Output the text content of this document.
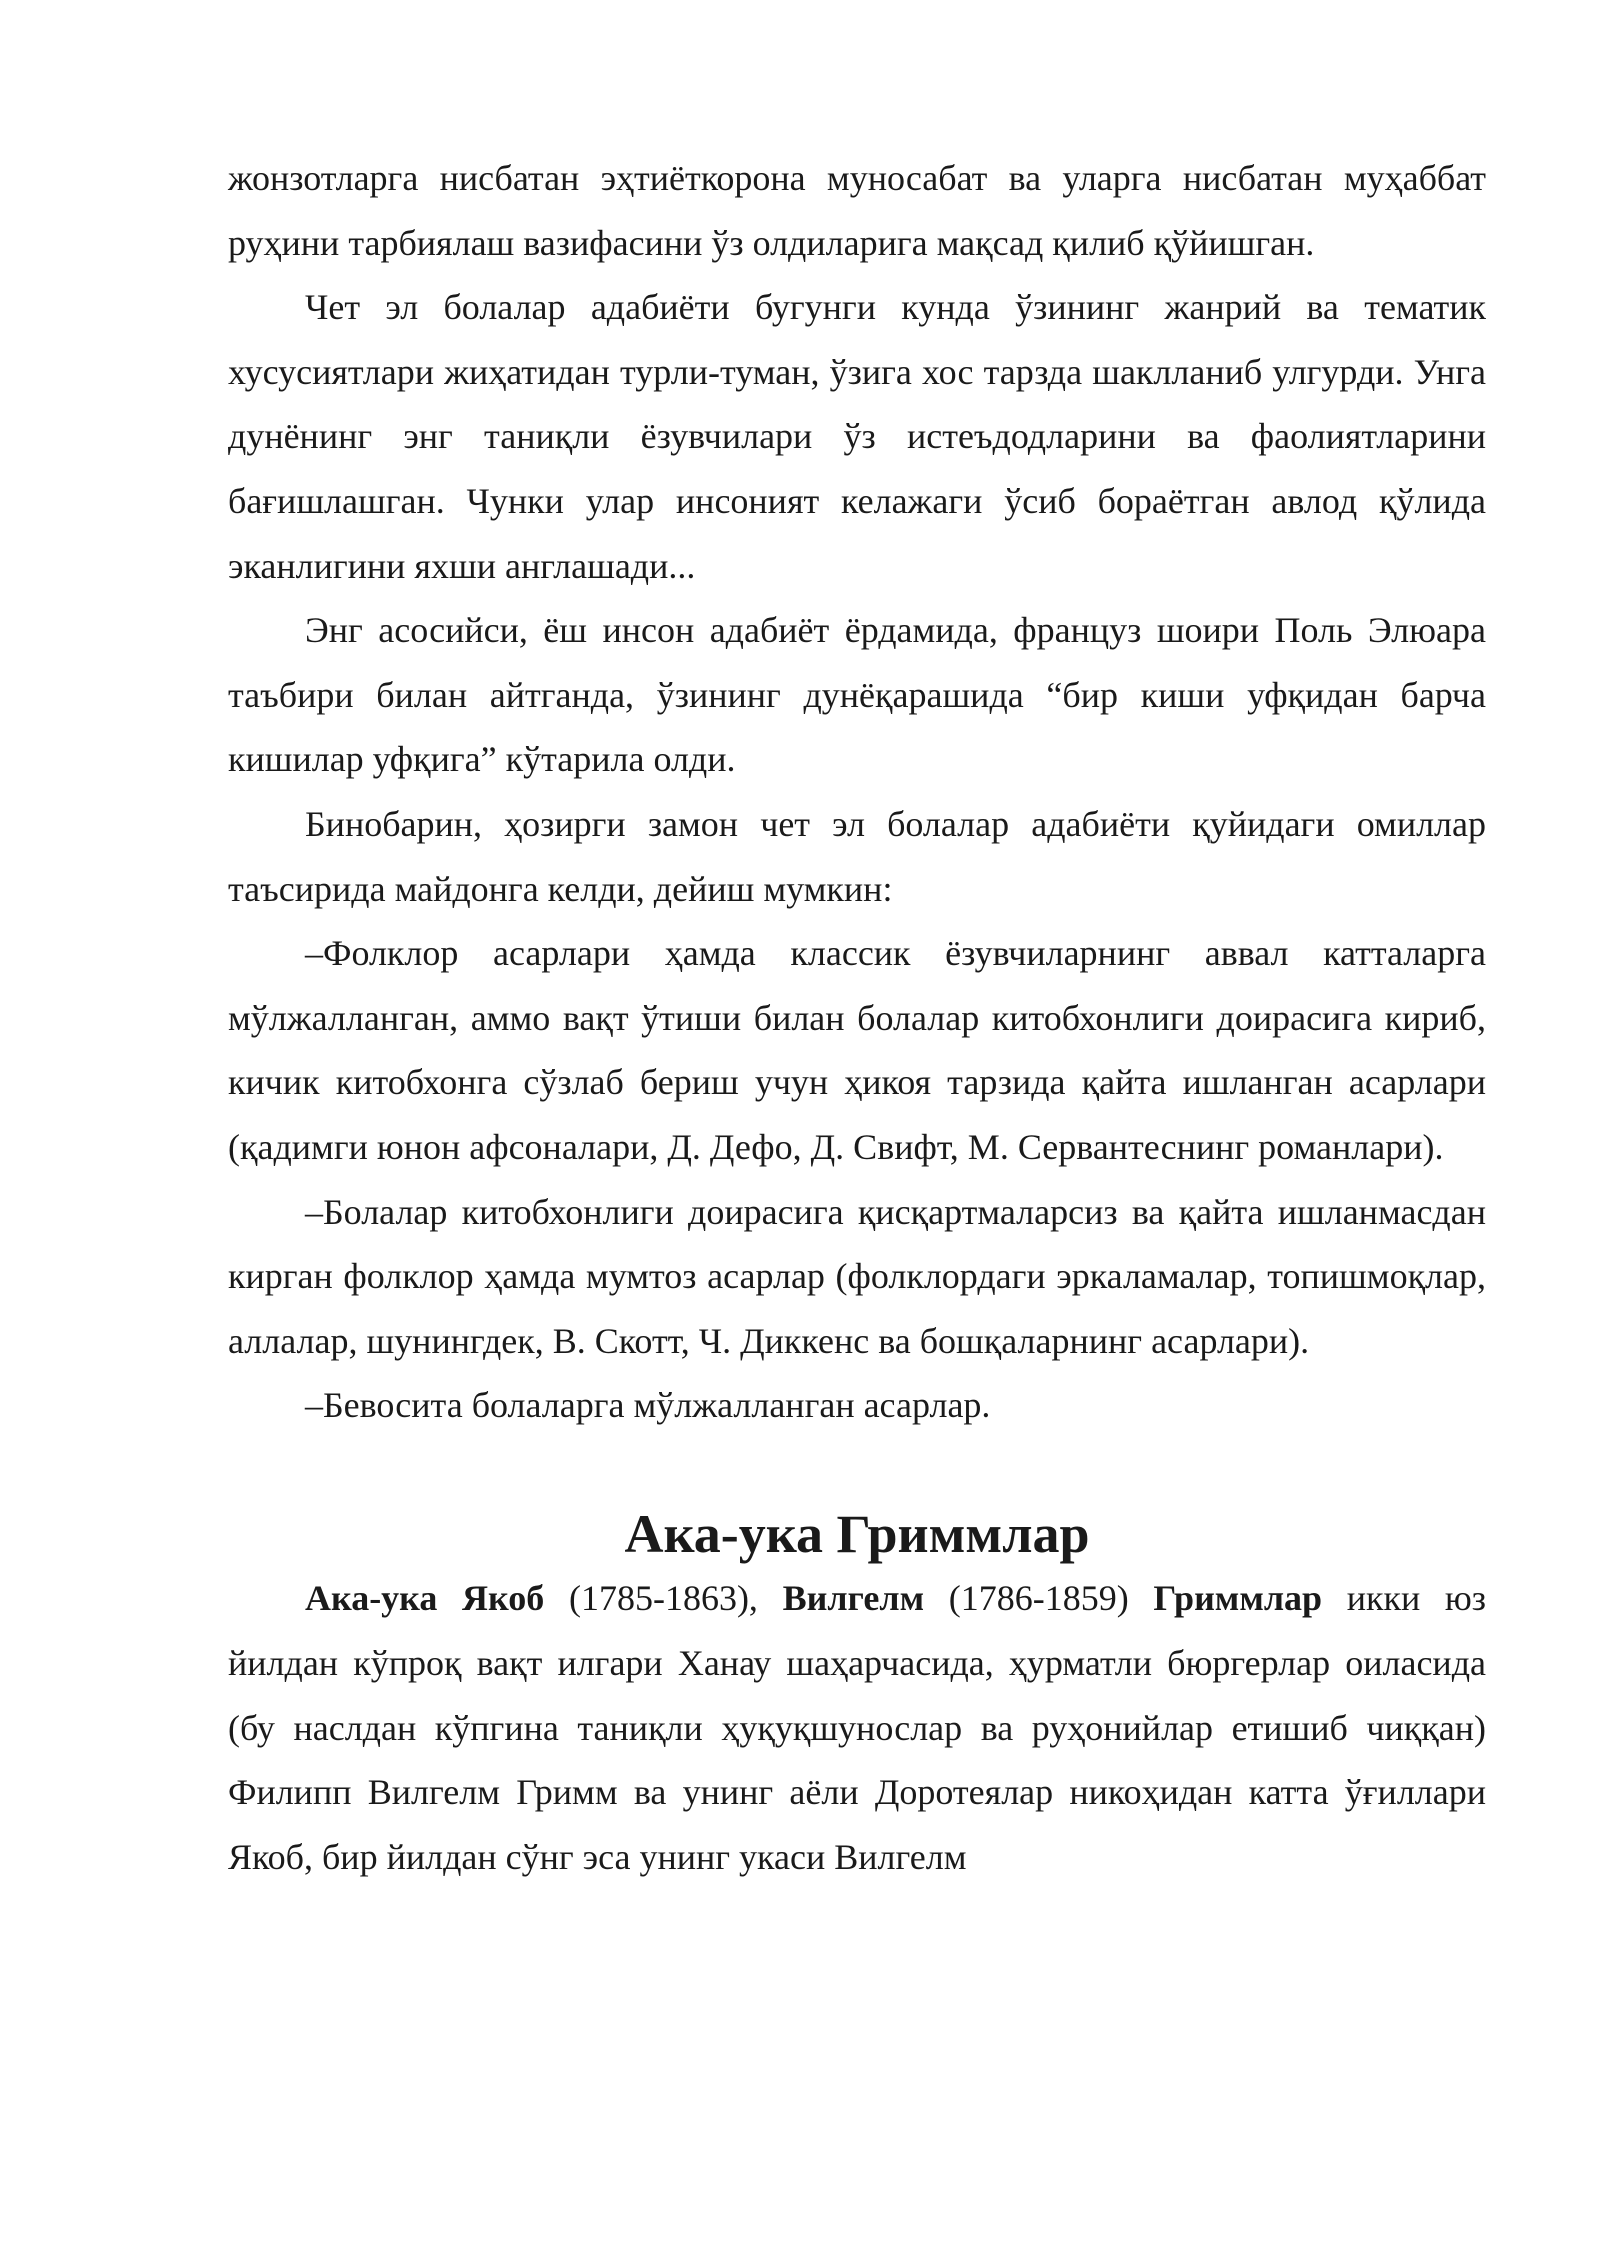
жонзотларга нисбатан эҳтиёткорона муносабат ва уларга нисбатан муҳаббат руҳини тарбиялаш вазифасини ўз олдиларига мақсад қилиб қўйишган.

Чет эл болалар адабиёти бугунги кунда ўзининг жанрий ва тематик хусусиятлари жиҳатидан турли-туман, ўзига хос тарзда шаклланиб улгурди. Унга дунёнинг энг таниқли ёзувчилари ўз истеъдодларини ва фаолиятларини бағишлашган. Чунки улар инсоният келажаги ўсиб бораётган авлод қўлида эканлигини яхши англашади...

Энг асосийси, ёш инсон адабиёт ёрдамида, француз шоири Поль Элюара таъбири билан айтганда, ўзининг дунёқарашида “бир киши уфқидан барча кишилар уфқига” кўтарила олди.

Бинобарин, ҳозирги замон чет эл болалар адабиёти қуйидаги омиллар таъсирида майдонга келди, дейиш мумкин:

–Фолклор асарлари ҳамда классик ёзувчиларнинг аввал катталарга мўлжалланган, аммо вақт ўтиши билан болалар китобхонлиги доирасига кириб, кичик китобхонга сўзлаб бериш учун ҳикоя тарзида қайта ишланган асарлари (қадимги юнон афсоналари, Д. Дефо, Д. Свифт, М. Сервантеснинг романлари).

–Болалар китобхонлиги доирасига қисқартмаларсиз ва қайта ишланмасдан кирган фолклор ҳамда мумтоз асарлар (фолклордаги эркаламалар, топишмоқлар, аллалар, шунингдек, В. Скотт, Ч. Диккенс ва бошқаларнинг асарлари).

–Бевосита болаларга мўлжалланган асарлар.

Ака-ука Гриммлар

Ака-ука Якоб (1785-1863), Вилгелм (1786-1859) Гриммлар икки юз йилдан кўпроқ вақт илгари Ханау шаҳарчасида, ҳурматли бюргерлар оиласида (бу наслдан кўпгина таниқли ҳуқуқшунослар ва руҳонийлар етишиб чиққан) Филипп Вилгелм Гримм ва унинг аёли Доротеялар никоҳидан катта ўғиллари Якоб, бир йилдан сўнг эса унинг укаси Вилгелм
